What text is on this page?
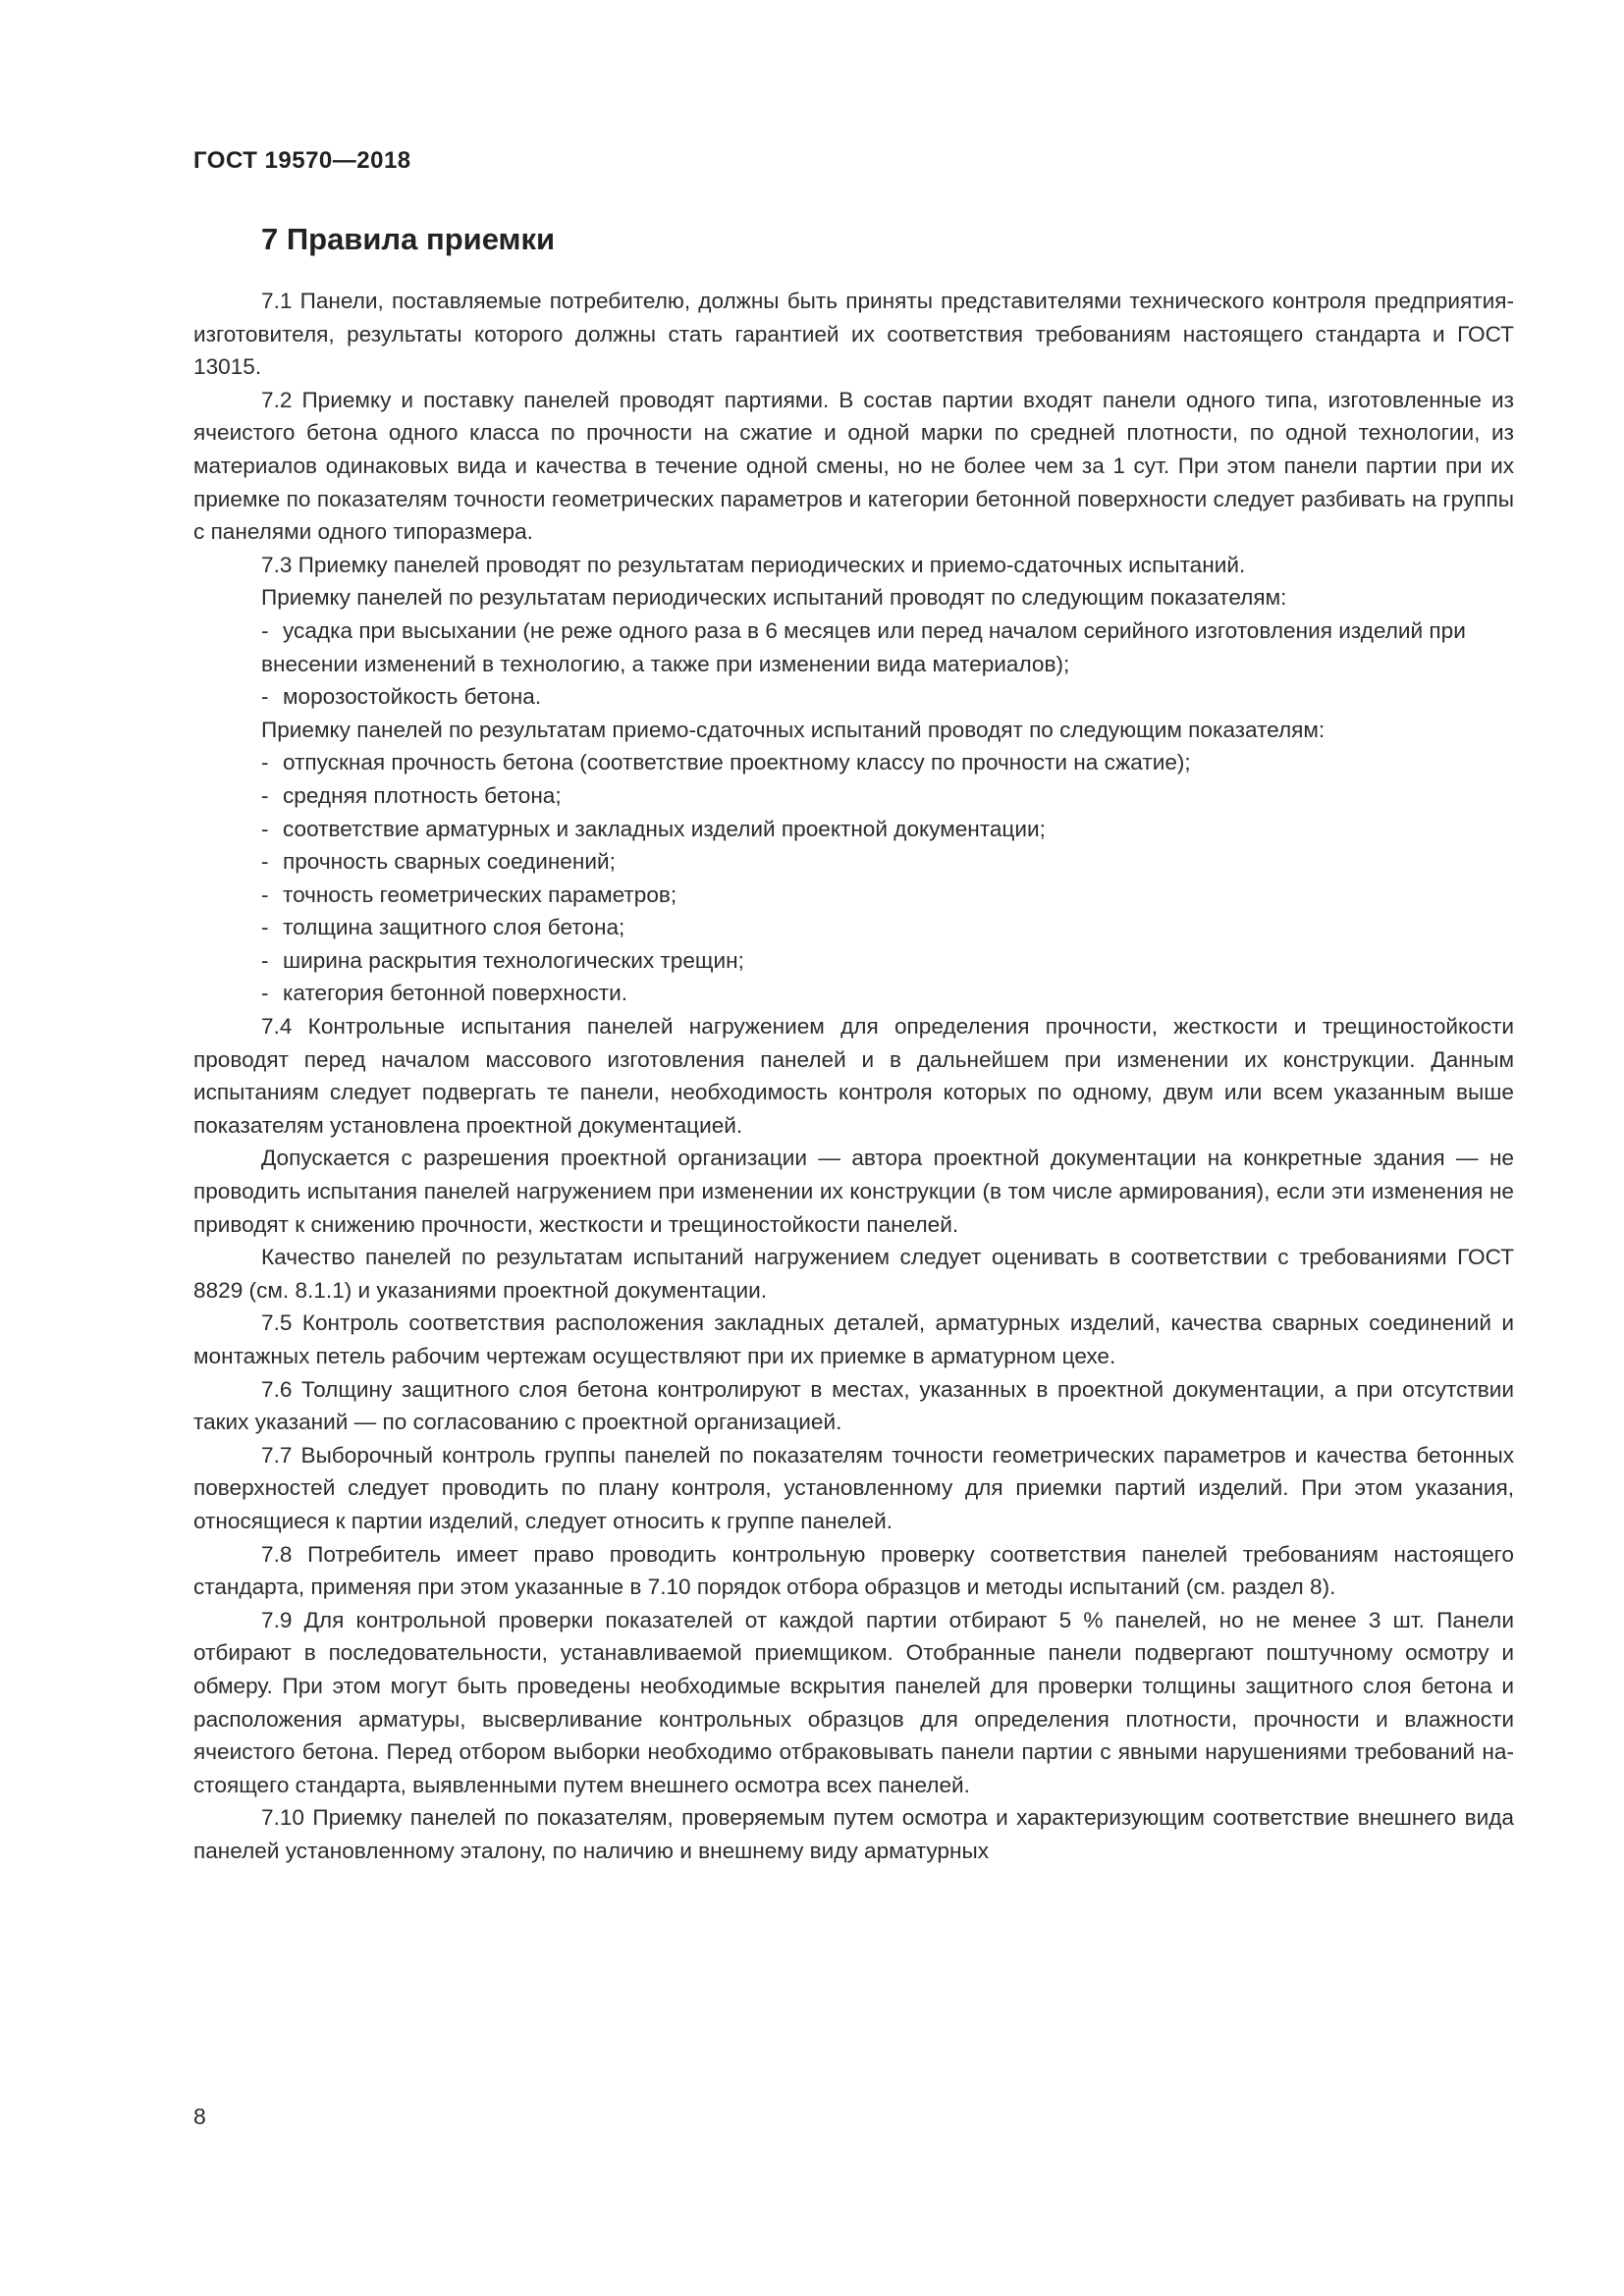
ГОСТ 19570—2018
7 Правила приемки

7.1 Панели, поставляемые потребителю, должны быть приняты представителями технического контроля предприятия-изготовителя, результаты которого должны стать гарантией их соответствия требованиям настоящего стандарта и ГОСТ 13015.

7.2 Приемку и поставку панелей проводят партиями. В состав партии входят панели одного типа, изготовленные из ячеистого бетона одного класса по прочности на сжатие и одной марки по средней плотности, по одной технологии, из материалов одинаковых вида и качества в течение одной смены, но не более чем за 1 сут. При этом панели партии при их приемке по показателям точности геометрических параметров и категории бетонной поверхности следует разбивать на группы с панелями одного типоразмера.

7.3 Приемку панелей проводят по результатам периодических и приемо-сдаточных испытаний.

Приемку панелей по результатам периодических испытаний проводят по следующим показателям:

- усадка при высыхании (не реже одного раза в 6 месяцев или перед началом серийного изготовления изделий при внесении изменений в технологию, а также при изменении вида материалов);
- морозостойкость бетона.

Приемку панелей по результатам приемо-сдаточных испытаний проводят по следующим показателям:

- отпускная прочность бетона (соответствие проектному классу по прочности на сжатие);
- средняя плотность бетона;
- соответствие арматурных и закладных изделий проектной документации;
- прочность сварных соединений;
- точность геометрических параметров;
- толщина защитного слоя бетона;
- ширина раскрытия технологических трещин;
- категория бетонной поверхности.

7.4 Контрольные испытания панелей нагружением для определения прочности, жесткости и трещиностойкости проводят перед началом массового изготовления панелей и в дальнейшем при изменении их конструкции. Данным испытаниям следует подвергать те панели, необходимость контроля которых по одному, двум или всем указанным выше показателям установлена проектной документацией.

Допускается с разрешения проектной организации — автора проектной документации на конкретные здания — не проводить испытания панелей нагружением при изменении их конструкции (в том числе армирования), если эти изменения не приводят к снижению прочности, жесткости и трещиностойкости панелей.

Качество панелей по результатам испытаний нагружением следует оценивать в соответствии с требованиями ГОСТ 8829 (см. 8.1.1) и указаниями проектной документации.

7.5 Контроль соответствия расположения закладных деталей, арматурных изделий, качества сварных соединений и монтажных петель рабочим чертежам осуществляют при их приемке в арматурном цехе.

7.6 Толщину защитного слоя бетона контролируют в местах, указанных в проектной документации, а при отсутствии таких указаний — по согласованию с проектной организацией.

7.7 Выборочный контроль группы панелей по показателям точности геометрических параметров и качества бетонных поверхностей следует проводить по плану контроля, установленному для приемки партий изделий. При этом указания, относящиеся к партии изделий, следует относить к группе панелей.

7.8 Потребитель имеет право проводить контрольную проверку соответствия панелей требованиям настоящего стандарта, применяя при этом указанные в 7.10 порядок отбора образцов и методы испытаний (см. раздел 8).

7.9 Для контрольной проверки показателей от каждой партии отбирают 5 % панелей, но не менее 3 шт. Панели отбирают в последовательности, устанавливаемой приемщиком. Отобранные панели подвергают поштучному осмотру и обмеру. При этом могут быть проведены необходимые вскрытия панелей для проверки толщины защитного слоя бетона и расположения арматуры, высверливание контрольных образцов для определения плотности, прочности и влажности ячеистого бетона. Перед отбором выборки необходимо отбраковывать панели партии с явными нарушениями требований настоящего стандарта, выявленными путем внешнего осмотра всех панелей.

7.10 Приемку панелей по показателям, проверяемым путем осмотра и характеризующим соответствие внешнего вида панелей установленному эталону, по наличию и внешнему виду арматурных

8
